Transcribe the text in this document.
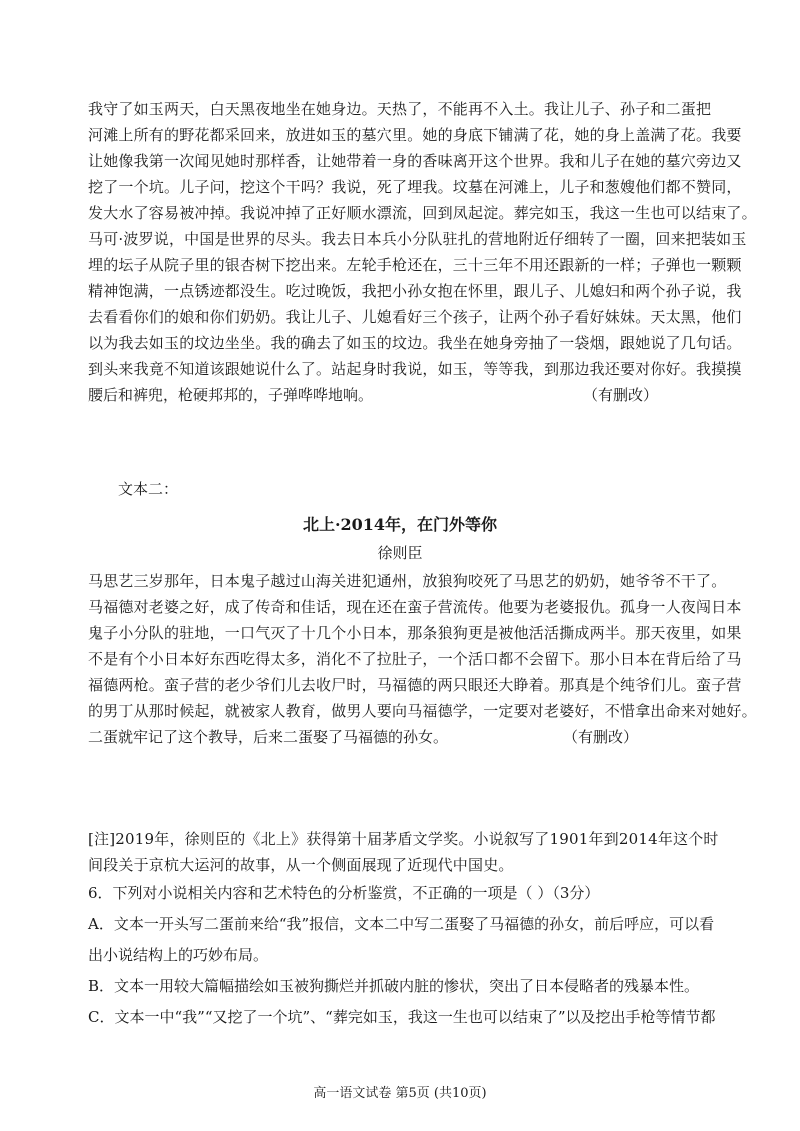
我守了如玉两天，白天黑夜地坐在她身边。天热了，不能再不入土。我让儿子、孙子和二蛋把
河滩上所有的野花都采回来，放进如玉的墓穴里。她的身底下铺满了花，她的身上盖满了花。我要
让她像我第一次闻见她时那样香，让她带着一身的香味离开这个世界。我和儿子在她的墓穴旁边又
挖了一个坑。儿子问，挖这个干吗？我说，死了埋我。坟墓在河滩上，儿子和葱嫂他们都不赞同，
发大水了容易被冲掉。我说冲掉了正好顺水漂流，回到凤起淀。葬完如玉，我这一生也可以结束了。
马可·波罗说，中国是世界的尽头。我去日本兵小分队驻扎的营地附近仔细转了一圈，回来把装如玉
埋的坛子从院子里的银杏树下挖出来。左轮手枪还在，三十三年不用还跟新的一样；子弹也一颗颗
精神饱满，一点锈迹都没生。吃过晚饭，我把小孙女抱在怀里，跟儿子、儿媳妇和两个孙子说，我
去看看你们的娘和你们奶奶。我让儿子、儿媳看好三个孩子，让两个孙子看好妹妹。天太黑，他们
以为我去如玉的坟边坐坐。我的确去了如玉的坟边。我坐在她身旁抽了一袋烟，跟她说了几句话。
到头来我竟不知道该跟她说什么了。站起身时我说，如玉，等等我，到那边我还要对你好。我摸摸
腰后和裤兜，枪硬邦邦的，子弹哗哗地响。	（有删改）
文本二：
北上·2014年，在门外等你
徐则臣
马思艺三岁那年，日本鬼子越过山海关进犯通州，放狼狗咬死了马思艺的奶奶，她爷爷不干了。
马福德对老婆之好，成了传奇和佳话，现在还在蛮子营流传。他要为老婆报仇。孤身一人夜闯日本
鬼子小分队的驻地，一口气灭了十几个小日本，那条狼狗更是被他活活撕成两半。那天夜里，如果
不是有个小日本好东西吃得太多，消化不了拉肚子，一个活口都不会留下。那小日本在背后给了马
福德两枪。蛮子营的老少爷们儿去收尸时，马福德的两只眼还大睁着。那真是个纯爷们儿。蛮子营
的男丁从那时候起，就被家人教育，做男人要向马福德学，一定要对老婆好，不惜拿出命来对她好。
二蛋就牢记了这个教导，后来二蛋娶了马福德的孙女。	（有删改）
[注]2019年，徐则臣的《北上》获得第十届茅盾文学奖。小说叙写了1901年到2014年这个时
间段关于京杭大运河的故事，从一个侧面展现了近现代中国史。
6．下列对小说相关内容和艺术特色的分析鉴赏，不正确的一项是（ ）（3分）
A．文本一开头写二蛋前来给“我”报信，文本二中写二蛋娶了马福德的孙女，前后呼应，可以看
出小说结构上的巧妙布局。
B．文本一用较大篇幅描绘如玉被狗撕烂并抓破内脏的惨状，突出了日本侵略者的残暴本性。
C．文本一中“我”“又挖了一个坑”、“葬完如玉，我这一生也可以结束了”以及挖出手枪等情节都
高一语文试卷 第5页 (共10页)
